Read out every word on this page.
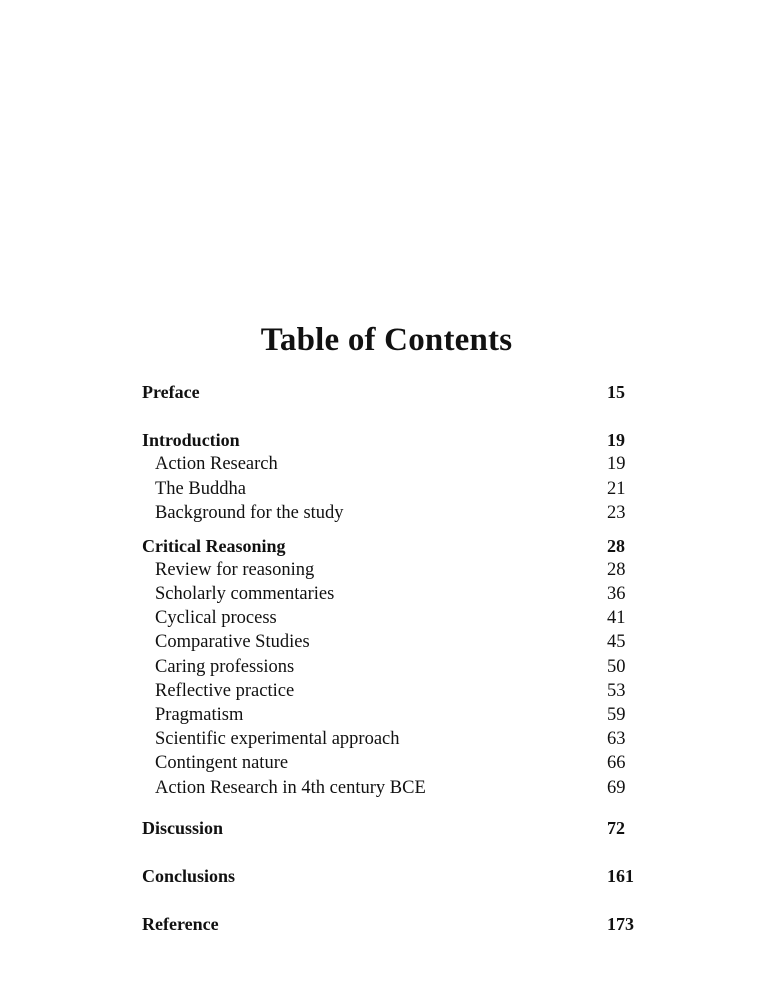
Table of Contents
Preface	15
Introduction	19
Action Research	19
The Buddha	21
Background for the study	23
Critical Reasoning	28
Review for reasoning	28
Scholarly commentaries	36
Cyclical process	41
Comparative Studies	45
Caring professions	50
Reflective practice	53
Pragmatism	59
Scientific experimental approach	63
Contingent nature	66
Action Research in 4th century BCE	69
Discussion	72
Conclusions	161
Reference	173
